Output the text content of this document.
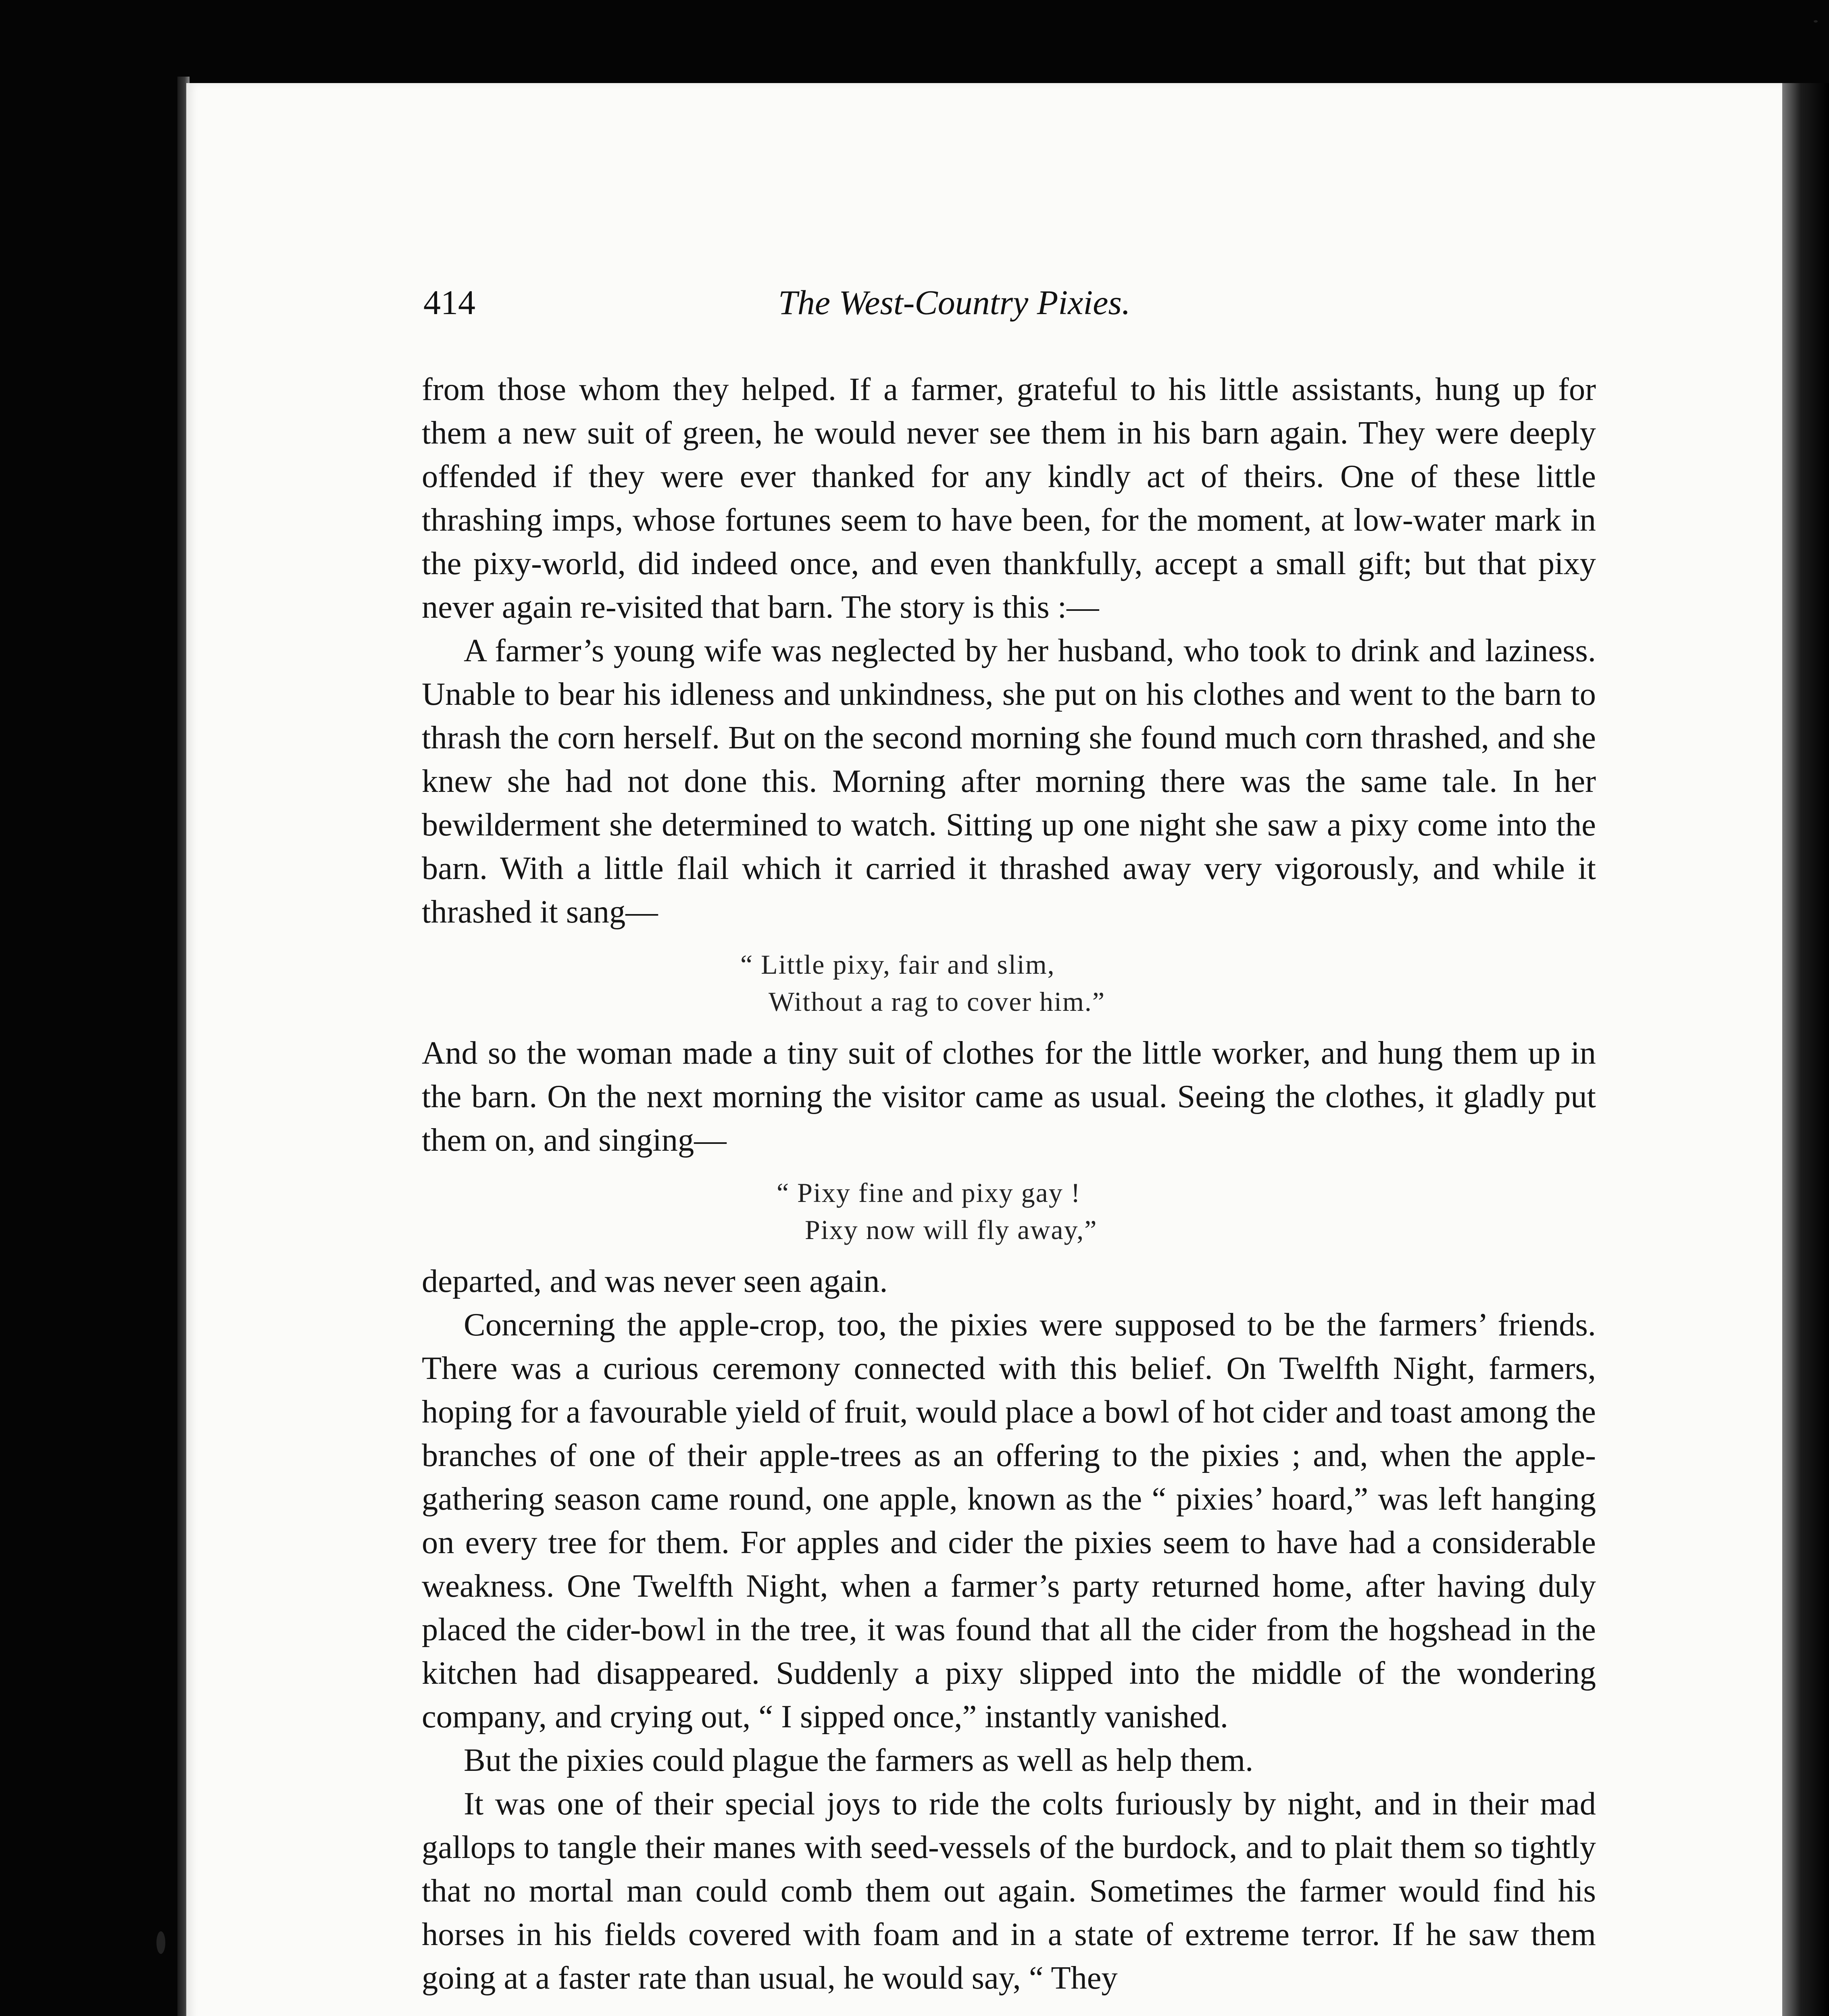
414	The West-Country Pixies.

from those whom they helped. If a farmer, grateful to his little assistants, hung up for them a new suit of green, he would never see them in his barn again. They were deeply offended if they were ever thanked for any kindly act of theirs. One of these little thrashing imps, whose fortunes seem to have been, for the moment, at low-water mark in the pixy-world, did indeed once, and even thankfully, accept a small gift; but that pixy never again re-visited that barn. The story is this :—

A farmer’s young wife was neglected by her husband, who took to drink and laziness. Unable to bear his idleness and unkindness, she put on his clothes and went to the barn to thrash the corn herself. But on the second morning she found much corn thrashed, and she knew she had not done this. Morning after morning there was the same tale. In her bewilderment she determined to watch. Sitting up one night she saw a pixy come into the barn. With a little flail which it carried it thrashed away very vigorously, and while it thrashed it sang—

“ Little pixy, fair and slim,
Without a rag to cover him.”

And so the woman made a tiny suit of clothes for the little worker, and hung them up in the barn. On the next morning the visitor came as usual. Seeing the clothes, it gladly put them on, and singing—

“ Pixy fine and pixy gay !
Pixy now will fly away,”

departed, and was never seen again.

Concerning the apple-crop, too, the pixies were supposed to be the farmers’ friends. There was a curious ceremony connected with this belief. On Twelfth Night, farmers, hoping for a favourable yield of fruit, would place a bowl of hot cider and toast among the branches of one of their apple-trees as an offering to the pixies ; and, when the apple-gathering season came round, one apple, known as the “ pixies’ hoard,” was left hanging on every tree for them. For apples and cider the pixies seem to have had a considerable weakness. One Twelfth Night, when a farmer’s party returned home, after having duly placed the cider-bowl in the tree, it was found that all the cider from the hogshead in the kitchen had disappeared. Suddenly a pixy slipped into the middle of the wondering company, and crying out, “ I sipped once,” instantly vanished.

But the pixies could plague the farmers as well as help them.

It was one of their special joys to ride the colts furiously by night, and in their mad gallops to tangle their manes with seed-vessels of the burdock, and to plait them so tightly that no mortal man could comb them out again. Sometimes the farmer would find his horses in his fields covered with foam and in a state of extreme terror. If he saw them going at a faster rate than usual, he would say, “ They
